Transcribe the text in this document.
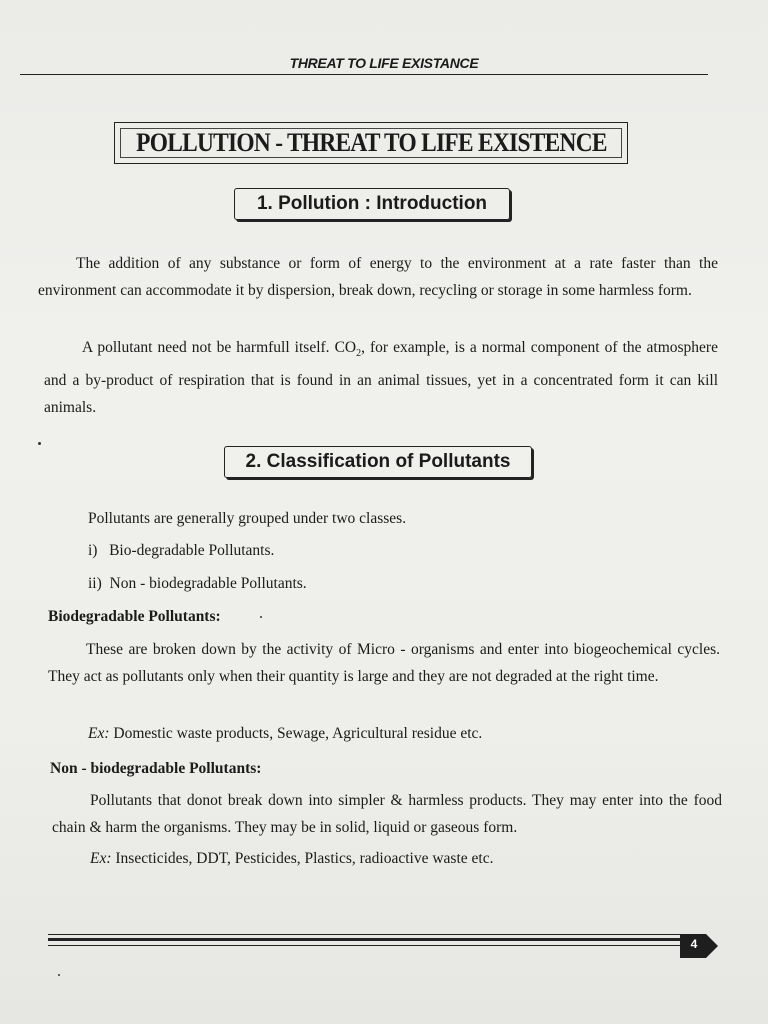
THREAT TO LIFE EXISTANCE
POLLUTION - THREAT TO LIFE EXISTENCE
1. Pollution : Introduction

The addition of any substance or form of energy to the environment at a rate faster than the environment can accommodate it by dispersion, break down, recycling or storage in some harmless form.

A pollutant need not be harmfull itself. $CO_2$, for example, is a normal component of the atmosphere and a by-product of respiration that is found in an animal tissues, yet in a concentrated form it can kill animals.

2. Classification of Pollutants
Pollutants are generally grouped under two classes.
i) Bio-degradable Pollutants.
ii) Non - biodegradable Pollutants.
Biodegradable Pollutants:

These are broken down by the activity of Micro - organisms and enter into biogeochemical cycles. They act as pollutants only when their quantity is large and they are not degraded at the right time.

Ex: Domestic waste products, Sewage, Agricultural residue etc.
Non - biodegradable Pollutants:

Pollutants that donot break down into simpler & harmless products. They may enter into the food chain & harm the organisms. They may be in solid, liquid or gaseous form.

Ex: Insecticides, DDT, Pesticides, Plastics, radioactive waste etc.
4
